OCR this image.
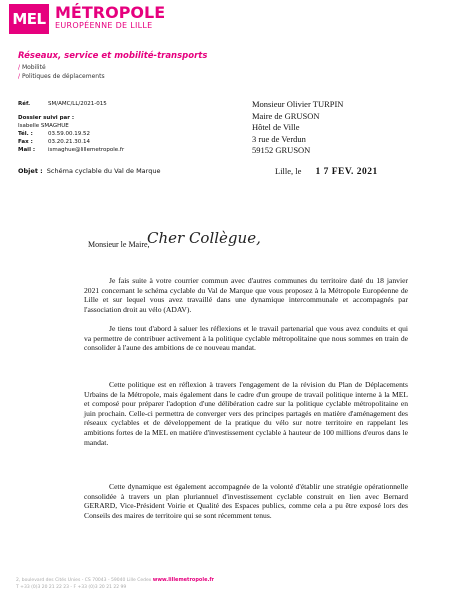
MEL MÉTROPOLE
EUROPÉENNE DE LILLE
Réseaux, service et mobilité-transports
/ Mobilité
/ Politiques de déplacements
Réf.	SM/AMC/LL/2021-015
Dossier suivi par :
Isabelle SMAGHUE
Tél. :	03.59.00.19.52
Fax :	03.20.21.30.14
Mail :	ismaghue@lillemetropole.fr
Monsieur Olivier TURPIN
Maire de GRUSON
Hôtel de Ville
3 rue de Verdun
59152 GRUSON
Objet : Schéma cyclable du Val de Marque	Lille, le 1 7 FEV. 2021
Monsieur le Maire,
Cher Collègue,
Je fais suite à votre courrier commun avec d'autres communes du territoire daté du 18 janvier 2021 concernant le schéma cyclable du Val de Marque que vous proposez à la Métropole Européenne de Lille et sur lequel vous avez travaillé dans une dynamique intercommunale et accompagnés par l'association droit au vélo (ADAV).
Je tiens tout d'abord à saluer les réflexions et le travail partenarial que vous avez conduits et qui va permettre de contribuer activement à la politique cyclable métropolitaine que nous sommes en train de consolider à l'aune des ambitions de ce nouveau mandat.
Cette politique est en réflexion à travers l'engagement de la révision du Plan de Déplacements Urbains de la Métropole, mais également dans le cadre d'un groupe de travail politique interne à la MEL et composé pour préparer l'adoption d'une délibération cadre sur la politique cyclable métropolitaine en juin prochain. Celle-ci permettra de converger vers des principes partagés en matière d'aménagement des réseaux cyclables et de développement de la pratique du vélo sur notre territoire en rappelant les ambitions fortes de la MEL en matière d'investissement cyclable à hauteur de 100 millions d'euros dans le mandat.
Cette dynamique est également accompagnée de la volonté d'établir une stratégie opérationnelle consolidée à travers un plan pluriannuel d'investissement cyclable construit en lien avec Bernard GERARD, Vice-Président Voirie et Qualité des Espaces publics, comme cela a pu être exposé lors des Conseils des maires de territoire qui se sont récemment tenus.
2, boulevard des Cités Unies - CS 70043 - 59040 Lille Cedex www.lillemetropole.fr
T +33 (0)3 20 21 22 23 - F +33 (0)3 20 21 22 99
